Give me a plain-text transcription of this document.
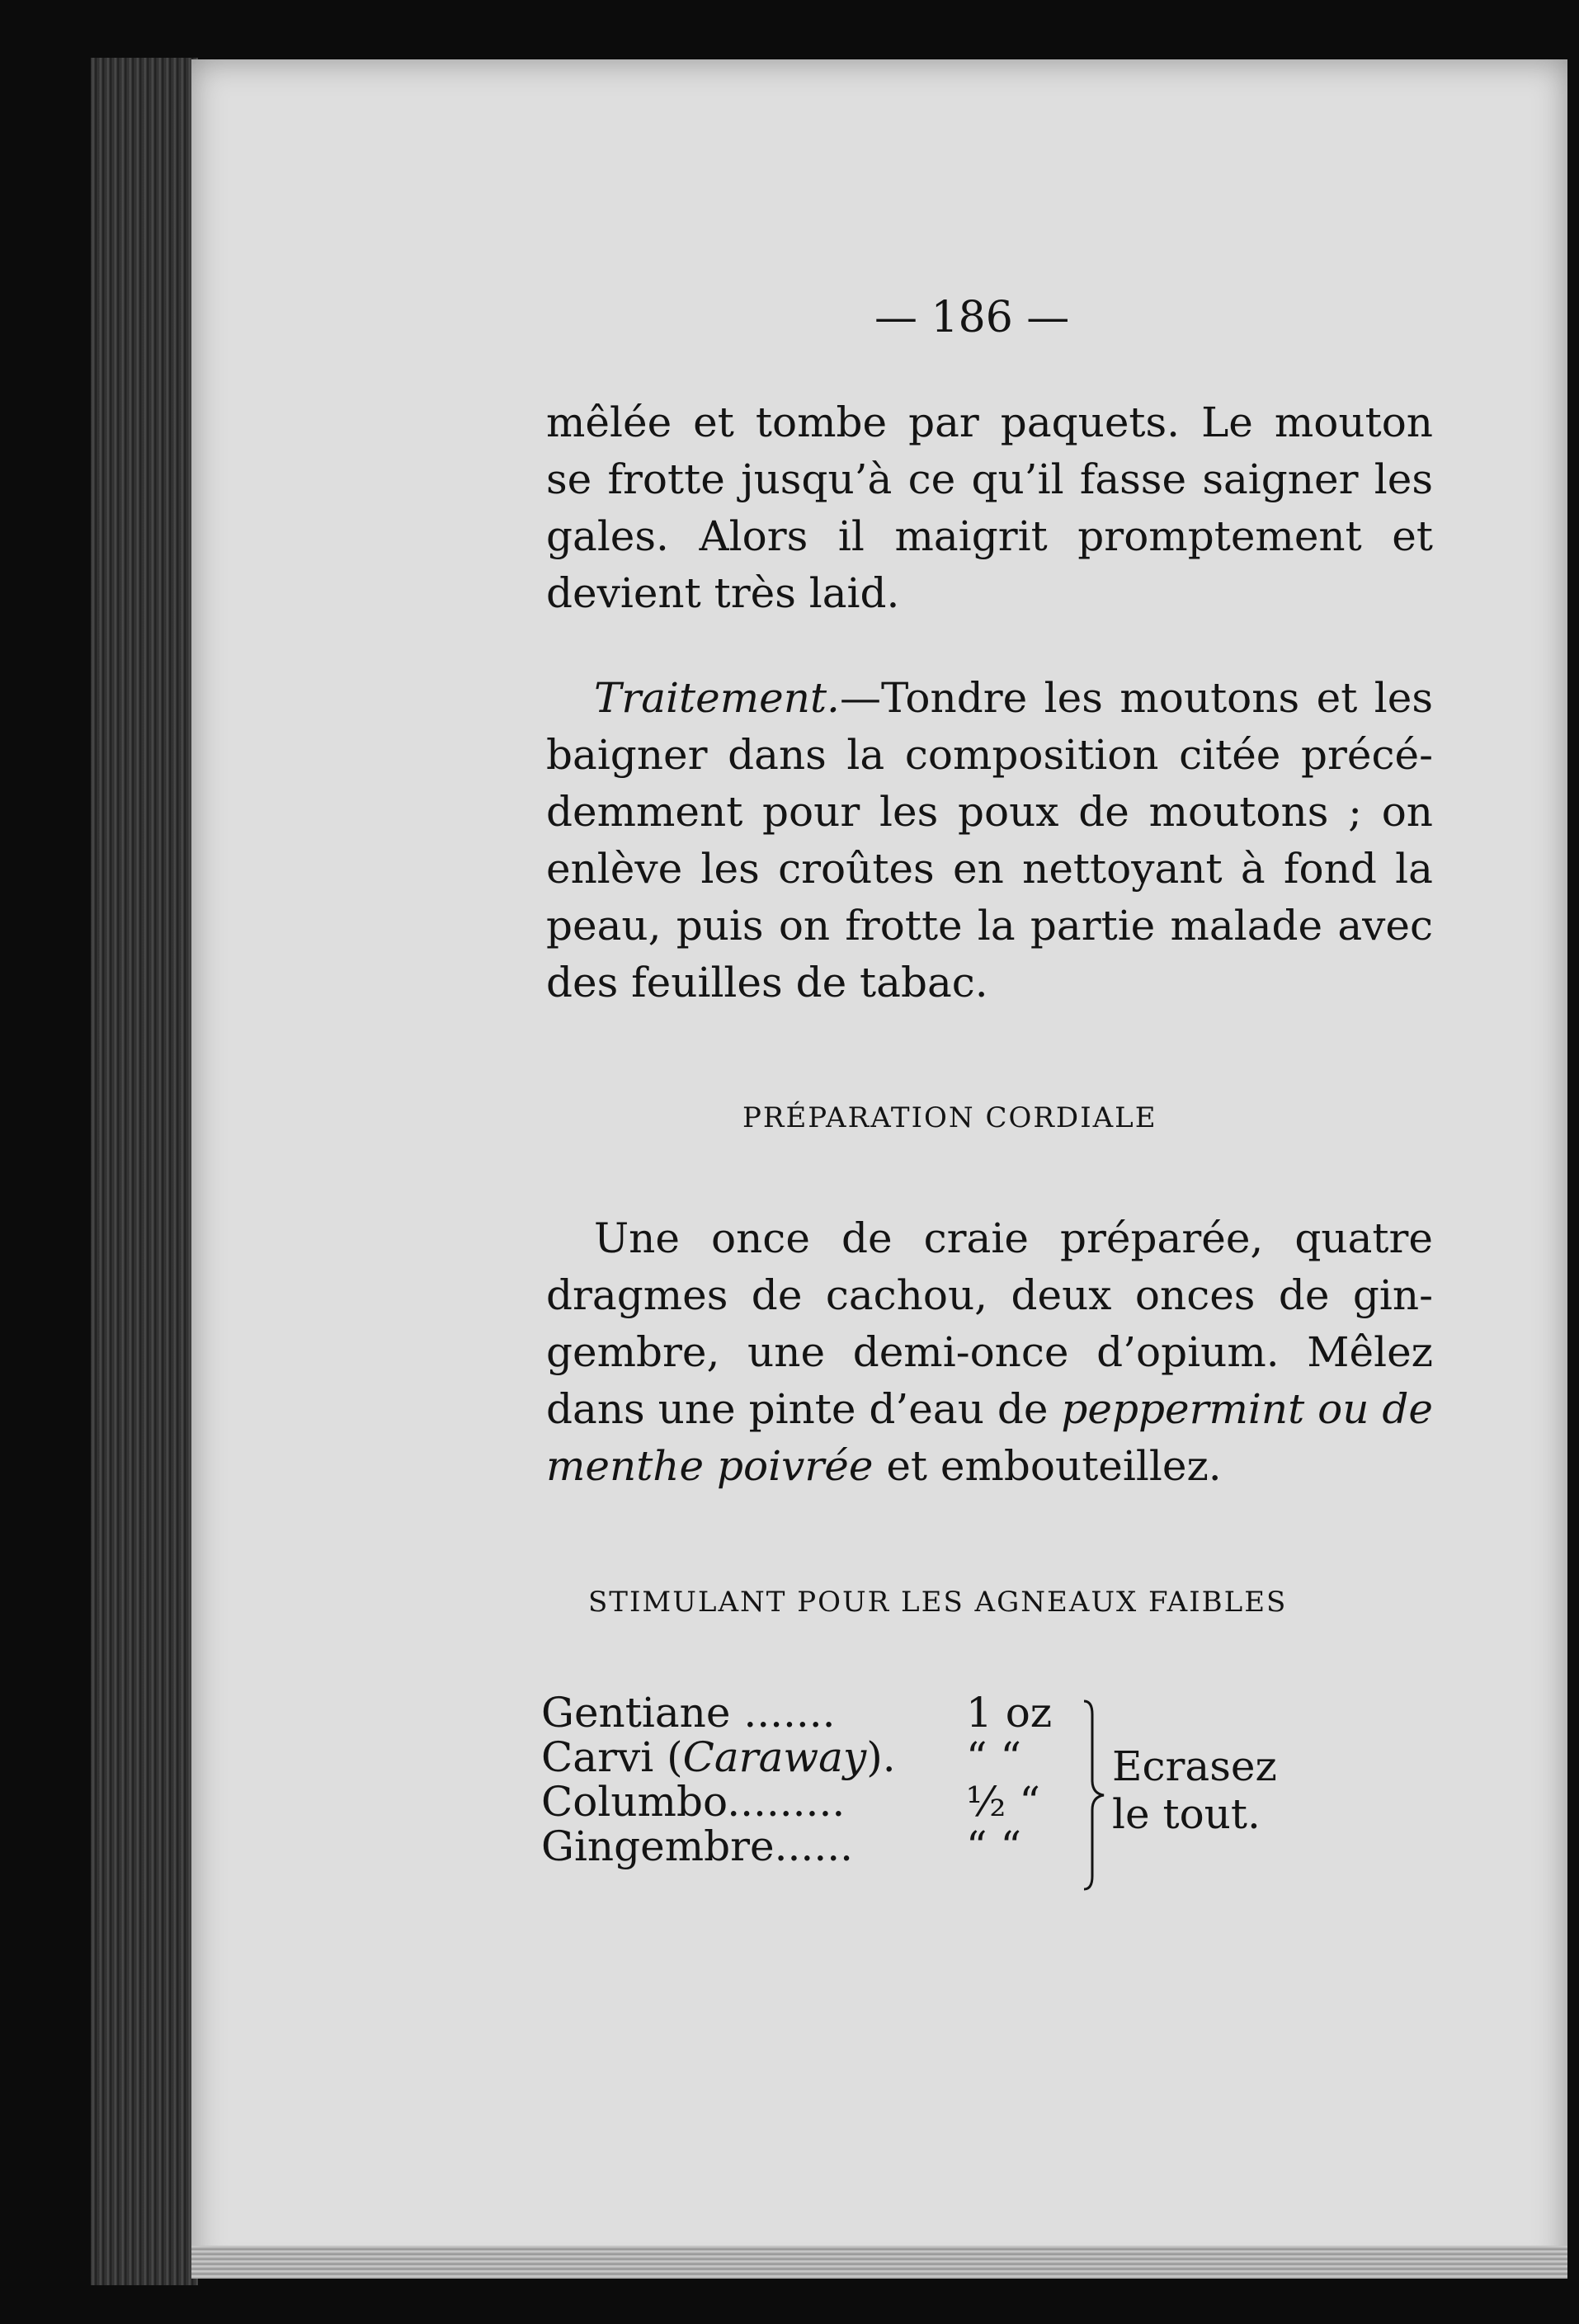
— 186 —
mêlée et tombe par paquets. Le mouton
se frotte jusqu’à ce qu’il fasse saigner les
gales. Alors il maigrit promptement et
devient très laid.
Traitement.—Tondre les moutons et les
baigner dans la composition citée précé-
demment pour les poux de moutons ; on
enlève les croûtes en nettoyant à fond la
peau, puis on frotte la partie malade avec
des feuilles de tabac.
PRÉPARATION CORDIALE
Une once de craie préparée, quatre
dragmes de cachou, deux onces de gin-
gembre, une demi-once d’opium. Mêlez
dans une pinte d’eau de peppermint ou de
menthe poivrée et embouteillez.
STIMULANT POUR LES AGNEAUX FAIBLES
Gentiane .......	1 oz
Carvi (Caraway). “ “
Columbo.........	½ “
Gingembre......	“ “
Ecrasez
le tout.
